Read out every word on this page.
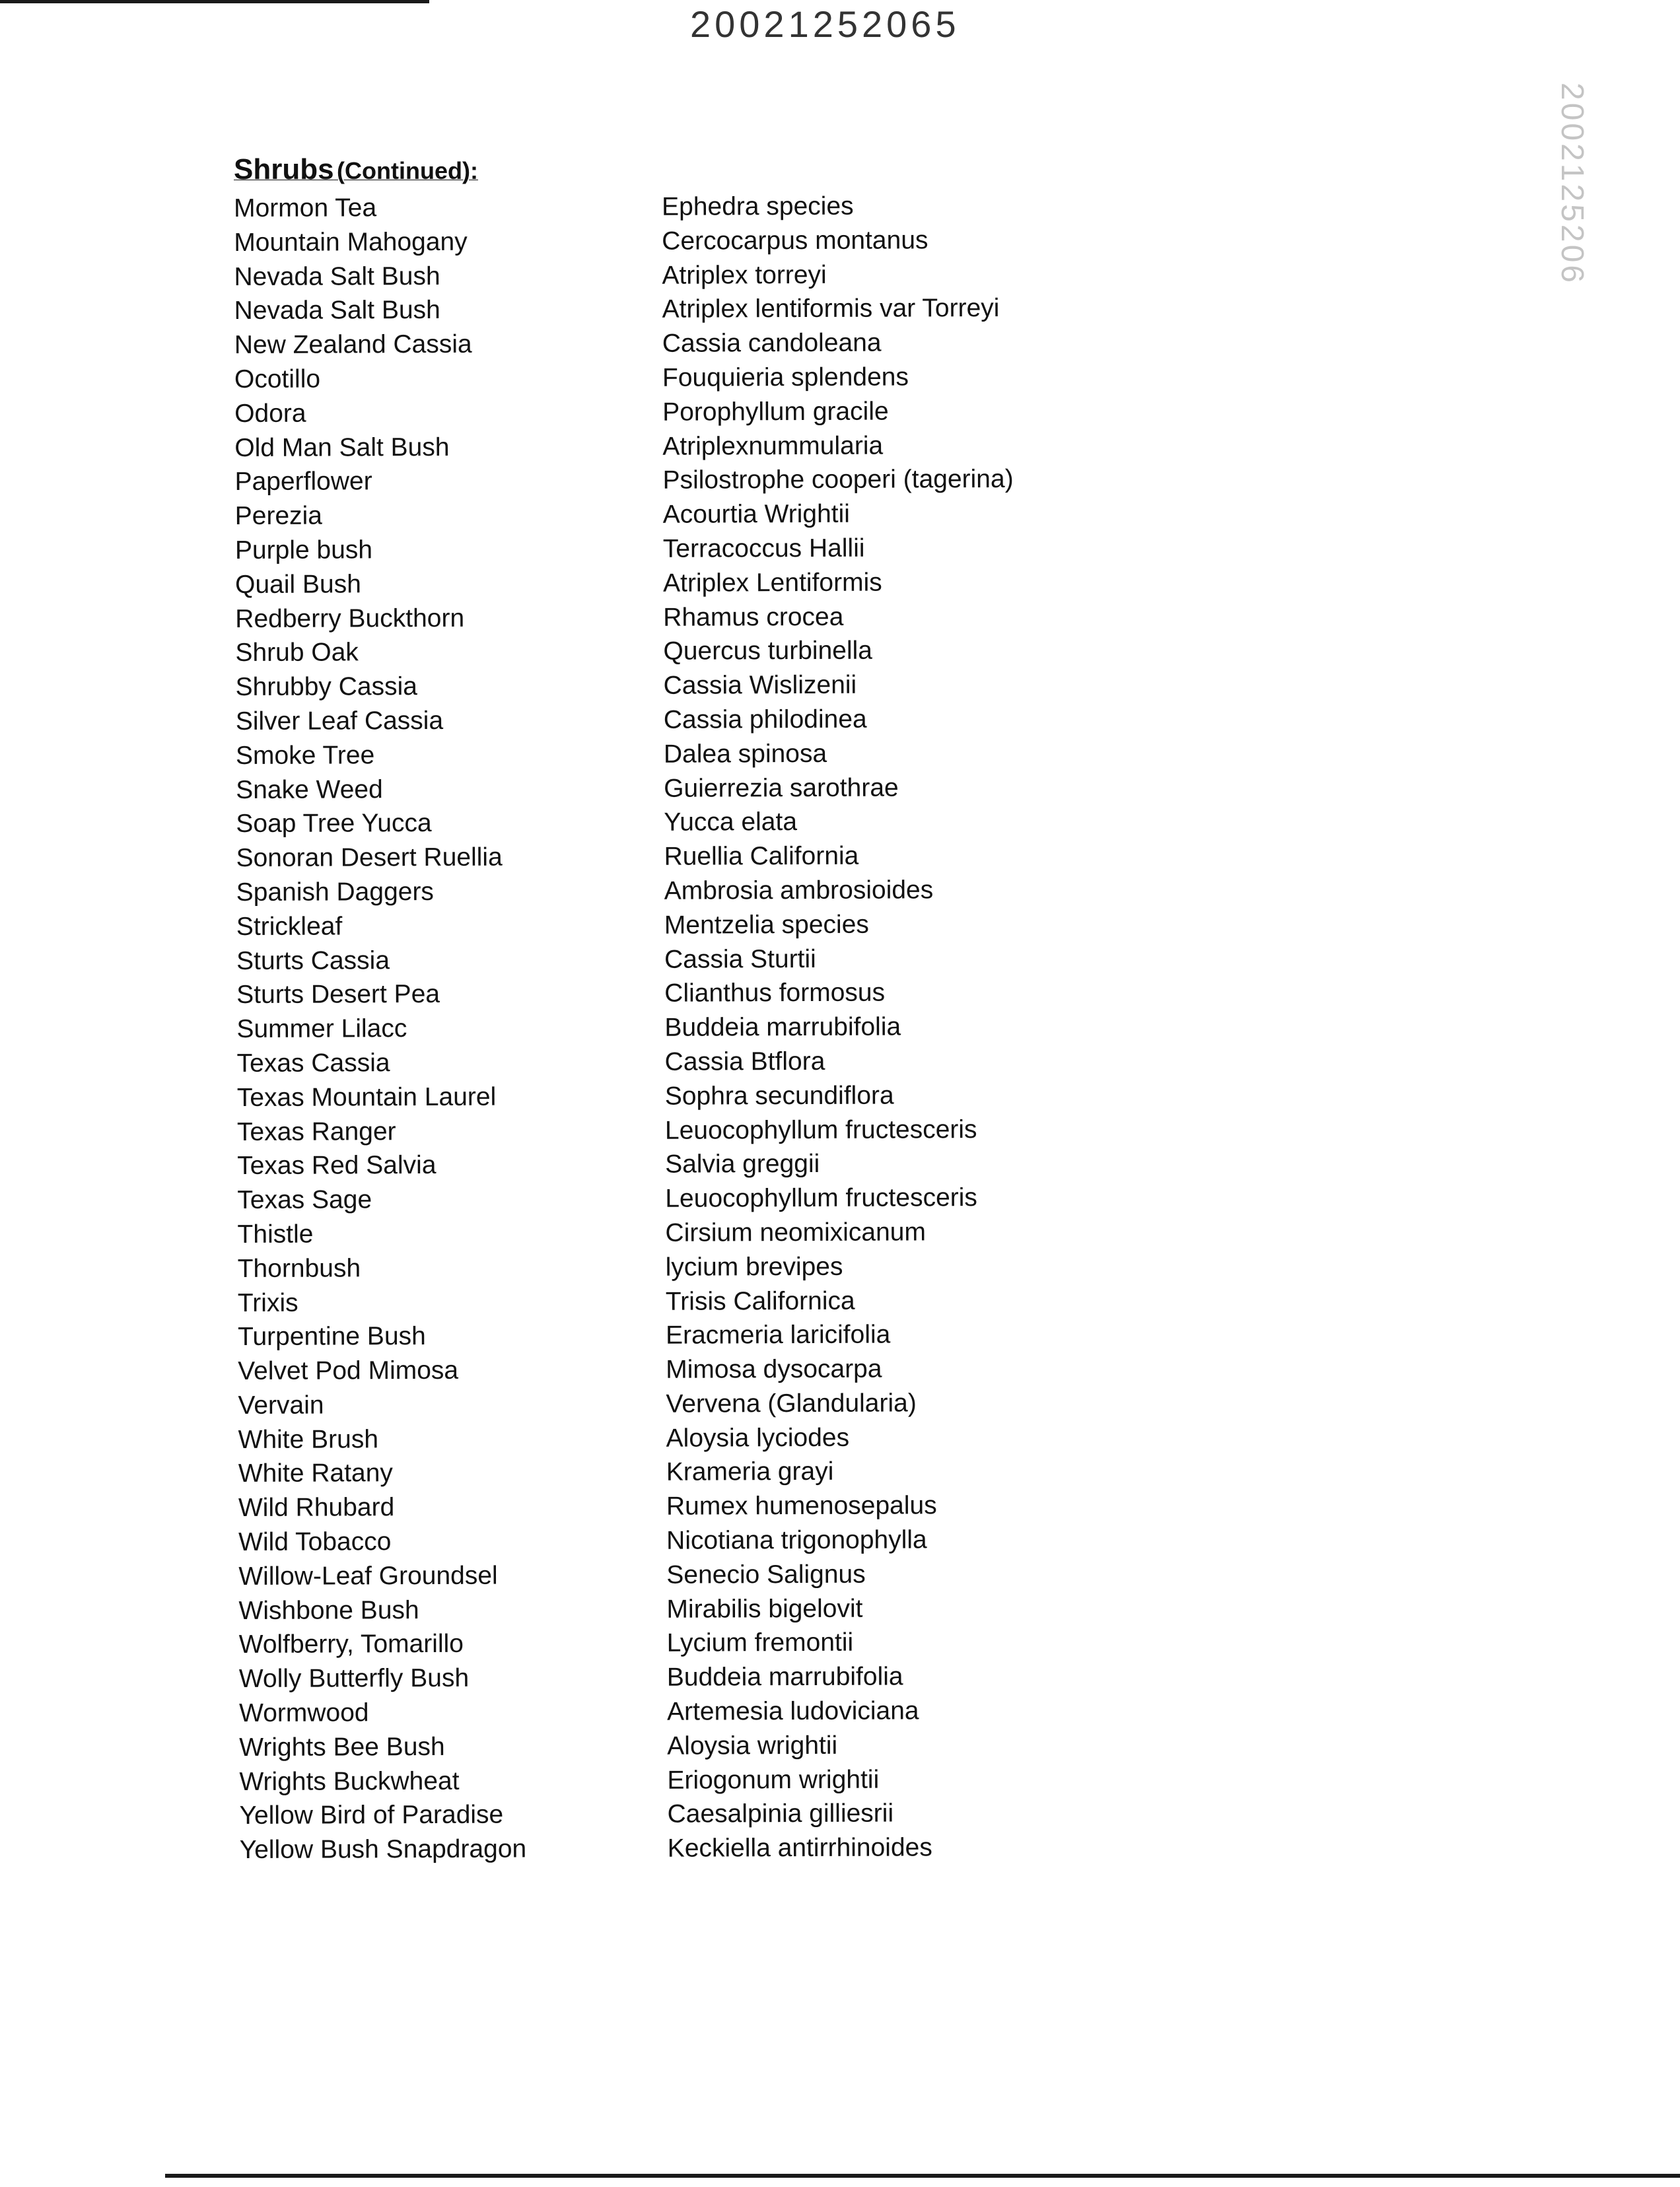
20021252065
2002125206
Shrubs (Continued):
Mormon Tea	Ephedra species
Mountain Mahogany	Cercocarpus montanus
Nevada Salt Bush	Atriplex torreyi
Nevada Salt Bush	Atriplex lentiformis var Torreyi
New Zealand Cassia	Cassia candoleana
Ocotillo	Fouquieria splendens
Odora	Porophyllum gracile
Old Man Salt Bush	Atriplexnummularia
Paperflower	Psilostrophe cooperi (tagerina)
Perezia	Acourtia Wrightii
Purple bush	Terracoccus Hallii
Quail Bush	Atriplex Lentiformis
Redberry Buckthorn	Rhamus crocea
Shrub Oak	Quercus turbinella
Shrubby Cassia	Cassia Wislizenii
Silver Leaf Cassia	Cassia philodinea
Smoke Tree	Dalea spinosa
Snake Weed	Guierrezia sarothrae
Soap Tree Yucca	Yucca elata
Sonoran Desert Ruellia	Ruellia California
Spanish Daggers	Ambrosia ambrosioides
Strickleaf	Mentzelia species
Sturts Cassia	Cassia Sturtii
Sturts Desert Pea	Clianthus formosus
Summer Lilacc	Buddeia marrubifolia
Texas Cassia	Cassia Btflora
Texas Mountain Laurel	Sophra secundiflora
Texas Ranger	Leuocophyllum fructesceris
Texas Red Salvia	Salvia greggii
Texas Sage	Leuocophyllum fructesceris
Thistle	Cirsium neomixicanum
Thornbush	lycium brevipes
Trixis	Trisis Californica
Turpentine Bush	Eracmeria laricifolia
Velvet Pod Mimosa	Mimosa dysocarpa
Vervain	Vervena (Glandularia)
White Brush	Aloysia lyciodes
White Ratany	Krameria grayi
Wild Rhubard	Rumex humenosepalus
Wild Tobacco	Nicotiana trigonophylla
Willow-Leaf Groundsel	Senecio Salignus
Wishbone Bush	Mirabilis bigelovit
Wolfberry, Tomarillo	Lycium fremontii
Wolly Butterfly Bush	Buddeia marrubifolia
Wormwood	Artemesia ludoviciana
Wrights Bee Bush	Aloysia wrightii
Wrights Buckwheat	Eriogonum wrightii
Yellow Bird of Paradise	Caesalpinia gilliesrii
Yellow Bush Snapdragon	Keckiella antirrhinoides
